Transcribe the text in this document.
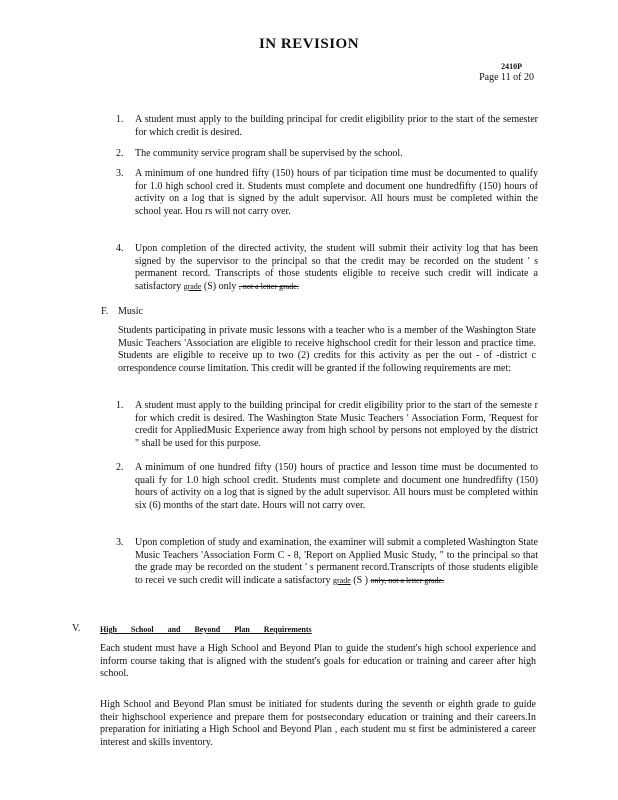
IN REVISION
2410P
Page 11 of 20
1.	A student must apply to the building principal for credit eligibility prior to the start of the semester for which credit is desired.
2.	The community service program shall be supervised by the school.
3.	A minimum of one hundred fifty (150) hours of par ticipation time must be documented to qualify for 1.0 high school cred it. Students must complete and document one hundredfifty (150) hours of activity on a log that is signed by the adult supervisor. All hours must be completed within the school year. Hou rs will not carry over.
4.	Upon completion of the directed activity, the student will submit their activity log that has been signed by the supervisor to the principal so that the credit may be recorded on the student ' s permanent record. Transcripts of those students eligible to receive such credit will indicate a satisfactory grade (S) only , not a letter grade.
F. Music
Students participating in private music lessons with a teacher who is a member of the Washington State Music Teachers 'Association are eligible to receive highschool credit for their lesson and practice time. Students are eligible to receive up to two (2) credits for this activity as per the out - of -district c orrespondence course limitation. This credit will be granted if the following requirements are met:
1.	A student must apply to the building principal for credit eligibility prior to the start of the semeste r for which credit is desired. The Washington State Music Teachers ' Association Form, 'Request for credit for AppliedMusic Experience away from high school by persons not employed by the district " shall be used for this purpose.
2.	A minimum of one hundred fifty (150) hours of practice and lesson time must be documented to quali fy for 1.0 high school credit. Students must complete and document one hundredfifty (150) hours of activity on a log that is signed by the adult supervisor. All hours must be completed within six (6) months of the start date. Hours will not carry over.
3.	Upon completion of study and examination, the examiner will submit a completed Washington State Music Teachers 'Association Form C - 8, 'Report on Applied Music Study, " to the principal so that the grade may be recorded on the student ' s permanent record.Transcripts of those students eligible to recei ve such credit will indicate a satisfactory grade (S ) only, not a letter grade.
V. High School and Beyond Plan Requirements
Each student must have a High School and Beyond Plan to guide the student's high school experience and inform course taking that is aligned with the student's goals for education or training and career after high school.
High School and Beyond Plan smust be initiated for students during the seventh or eighth grade to guide their highschool experience and prepare them for postsecondary education or training and their careers.In preparation for initiating a High School and Beyond Plan , each student mu st first be administered a career interest and skills inventory.
